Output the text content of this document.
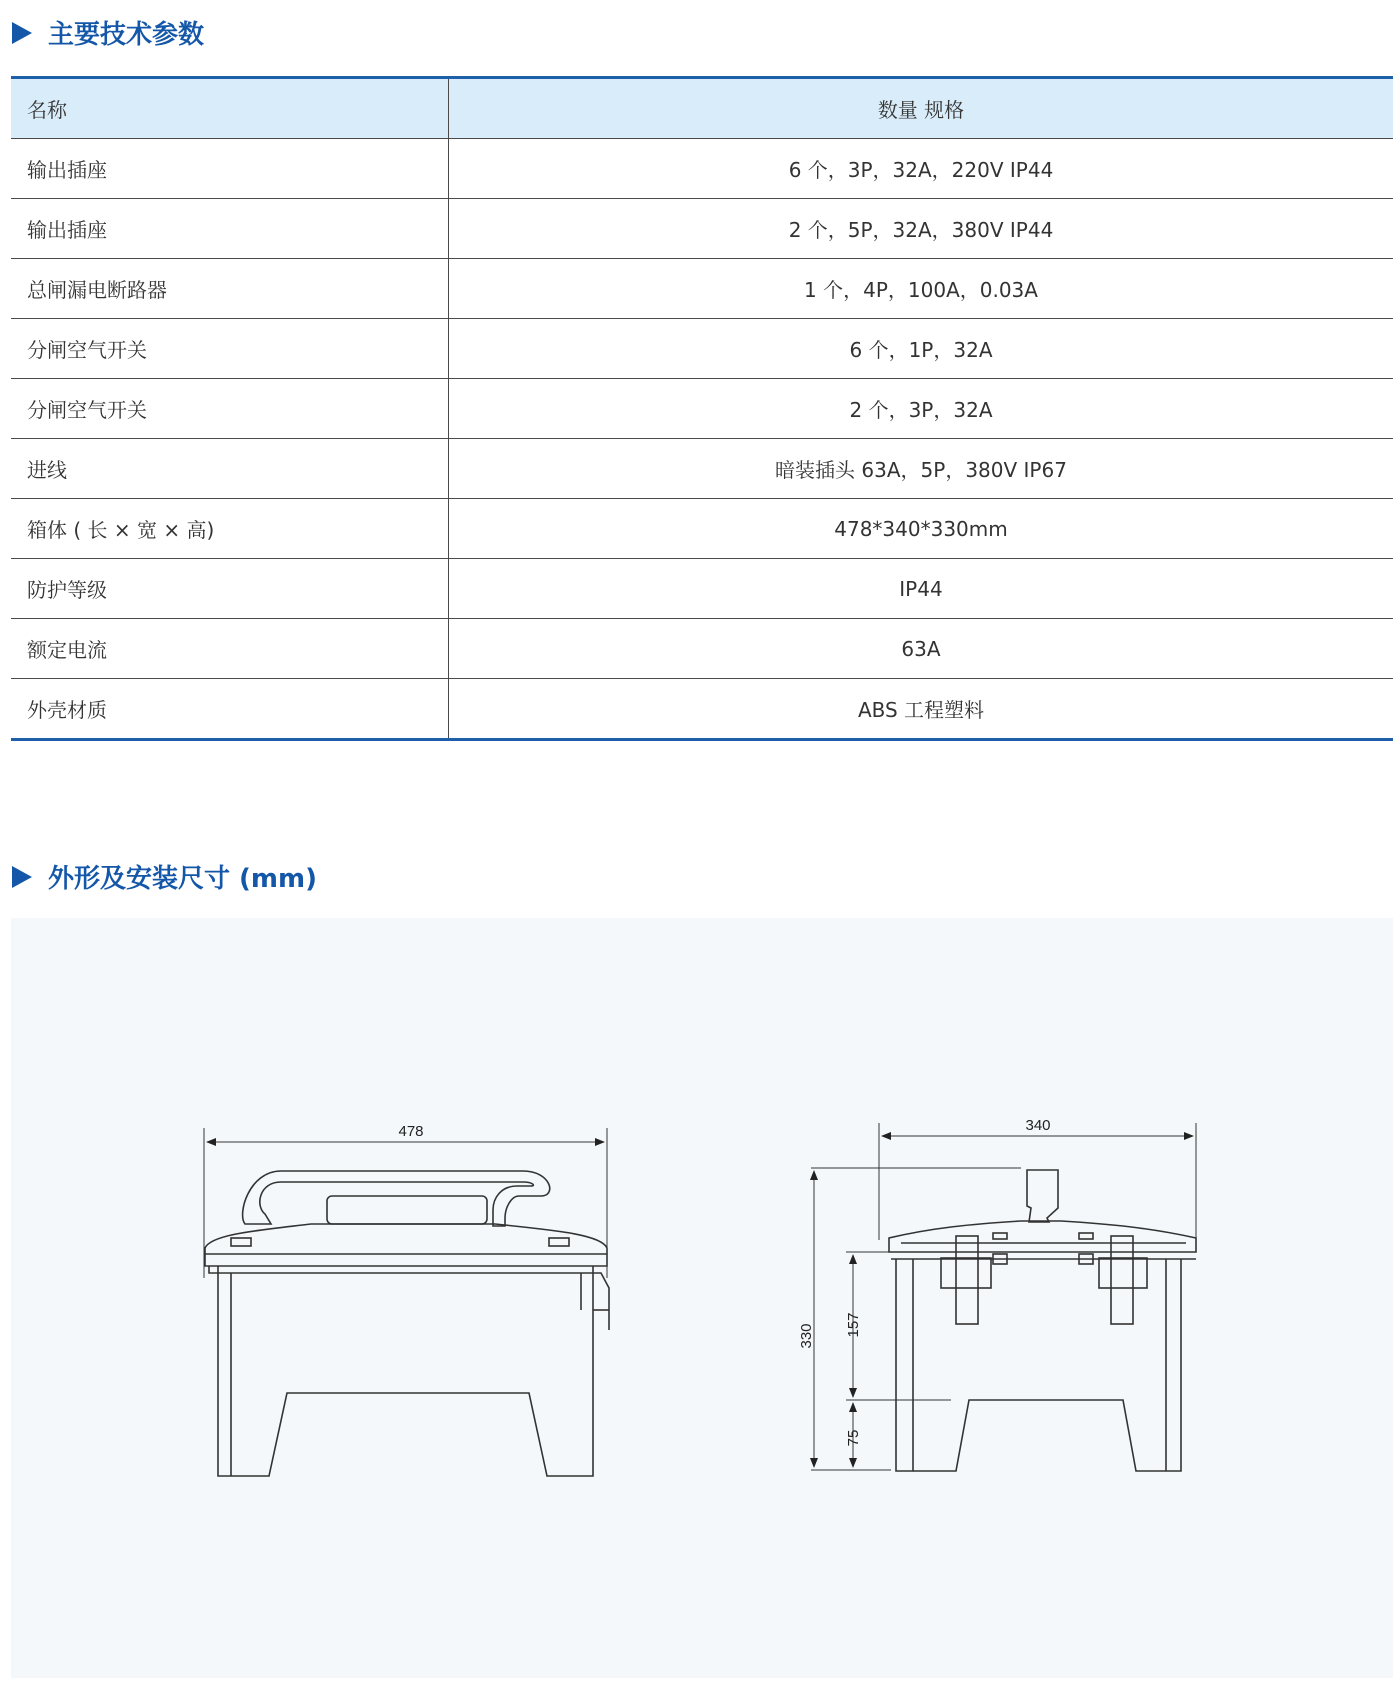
主要技术参数
名称	数量 规格
输出插座	6 个，3P，32A，220V IP44
输出插座	2 个，5P，32A，380V IP44
总闸漏电断路器	1 个，4P，100A，0.03A
分闸空气开关	6 个，1P，32A
分闸空气开关	2 个，3P，32A
进线	暗装插头 63A，5P，380V IP67
箱体 ( 长 × 宽 × 高)	478*340*330mm
防护等级	IP44
额定电流	63A
外壳材质	ABS 工程塑料
外形及安装尺寸 (mm)
478	340
330 157
75
